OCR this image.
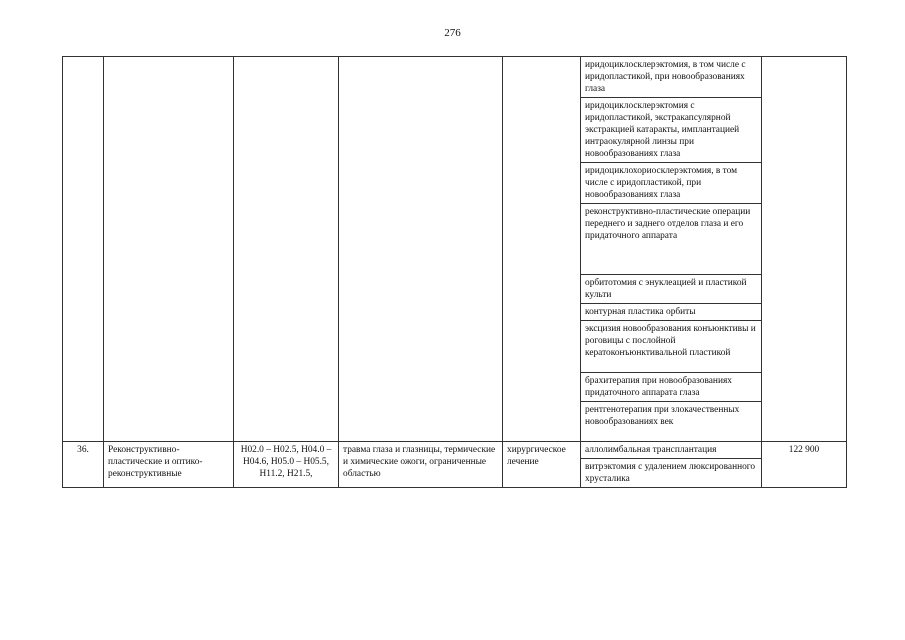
276
					иридоциклосклерэктомия, в том числе с иридопластикой, при новообразованиях глаза	
					иридоциклосклерэктомия с иридопластикой, экстракапсулярной экстракцией катаракты, имплантацией интраокулярной линзы при новообразованиях глаза	
					иридоциклохориосклерэктомия, в том числе с иридопластикой, при новообразованиях глаза	
					реконструктивно-пластические операции переднего и заднего отделов глаза и его придаточного аппарата	
					орбитотомия с энуклеацией и пластикой культи	
					контурная пластика орбиты	
					эксцизия новообразования конъюнктивы и роговицы с послойной кератоконъюнктивальной пластикой	
					брахитерапия при новообразованиях придаточного аппарата глаза	
					рентгенотерапия при злокачественных новообразованиях век	
36.	Реконструктивно-пластические и оптико-реконструктивные	H02.0 – H02.5, H04.0 – H04.6, H05.0 – H05.5, H11.2, H21.5,	травма глаза и глазницы, термические и химические ожоги, ограниченные областью	хирургическое лечение	аллолимбальная трансплантация	122 900
					витрэктомия с удалением люксированного хрусталика	
